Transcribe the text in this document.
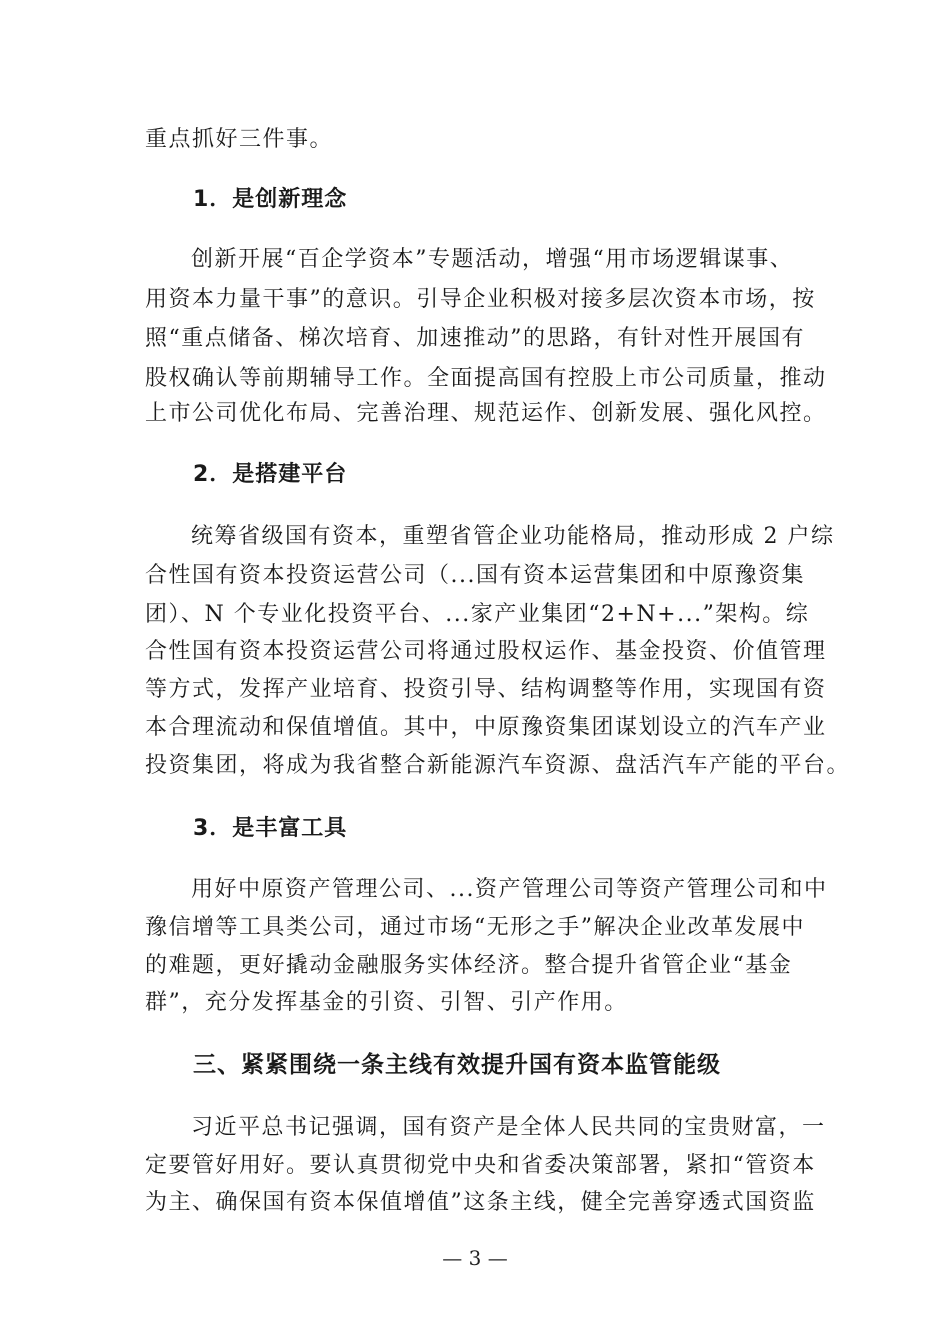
重点抓好三件事。
1．是创新理念
创新开展“百企学资本”专题活动，增强“用市场逻辑谋事、
用资本力量干事”的意识。引导企业积极对接多层次资本市场，按
照“重点储备、梯次培育、加速推动”的思路，有针对性开展国有
股权确认等前期辅导工作。全面提高国有控股上市公司质量，推动
上市公司优化布局、完善治理、规范运作、创新发展、强化风控。
2．是搭建平台
统筹省级国有资本，重塑省管企业功能格局，推动形成 2 户综
合性国有资本投资运营公司（...国有资本运营集团和中原豫资集
团）、N 个专业化投资平台、...家产业集团“2+N+...”架构。综
合性国有资本投资运营公司将通过股权运作、基金投资、价值管理
等方式，发挥产业培育、投资引导、结构调整等作用，实现国有资
本合理流动和保值增值。其中，中原豫资集团谋划设立的汽车产业
投资集团，将成为我省整合新能源汽车资源、盘活汽车产能的平台。
3．是丰富工具
用好中原资产管理公司、...资产管理公司等资产管理公司和中
豫信增等工具类公司，通过市场“无形之手”解决企业改革发展中
的难题，更好撬动金融服务实体经济。整合提升省管企业“基金
群”，充分发挥基金的引资、引智、引产作用。
三、紧紧围绕一条主线有效提升国有资本监管能级
习近平总书记强调，国有资产是全体人民共同的宝贵财富，一
定要管好用好。要认真贯彻党中央和省委决策部署，紧扣“管资本
为主、确保国有资本保值增值”这条主线，健全完善穿透式国资监
— 3 —
